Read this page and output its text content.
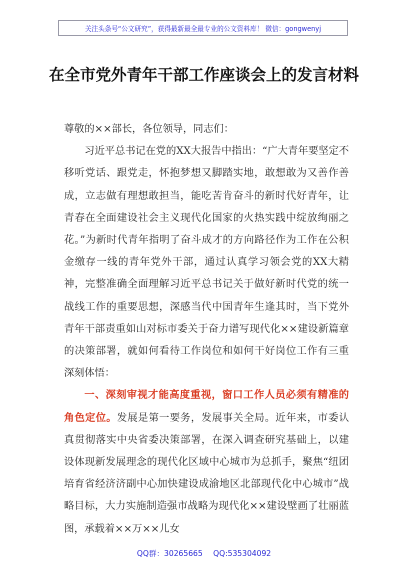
关注头条号“公文研究”，获得最新最全最专业的公文资料库！ 微信：gongwenyj
在全市党外青年干部工作座谈会上的发言材料

尊敬的××部长，各位领导，同志们：

习近平总书记在党的XX大报告中指出：“广大青年要坚定不移听党话、跟党走，怀抱梦想又脚踏实地，敢想敢为又善作善成，立志做有理想敢担当，能吃苦肯奋斗的新时代好青年，让青春在全面建设社会主义现代化国家的火热实践中绽放绚丽之花。”为新时代青年指明了奋斗成才的方向路径作为工作在公积金缴存一线的青年党外干部，通过认真学习领会党的XX大精神，完整准确全面理解习近平总书记关于做好新时代党的统一战线工作的重要思想，深感当代中国青年生逢其时，当下党外青年干部责重如山对标市委关于奋力谱写现代化××建设新篇章的决策部署，就如何看待工作岗位和如何干好岗位工作有三重深刻体悟：

一、深刻审视才能高度重视，窗口工作人员必须有精准的角色定位。发展是第一要务，发展事关全局。近年来，市委认真贯彻落实中央省委决策部署，在深入调查研究基础上，以建设体现新发展理念的现代化区域中心城市为总抓手，聚焦“纽团培育省经济济副中心加快建设成渝地区北部现代化中心城市”战略目标，大力实施制造强市战略为现代化××建设壁画了壮丽蓝图，承载着××万××儿女

QQ群：30265665 QQ:535304092
